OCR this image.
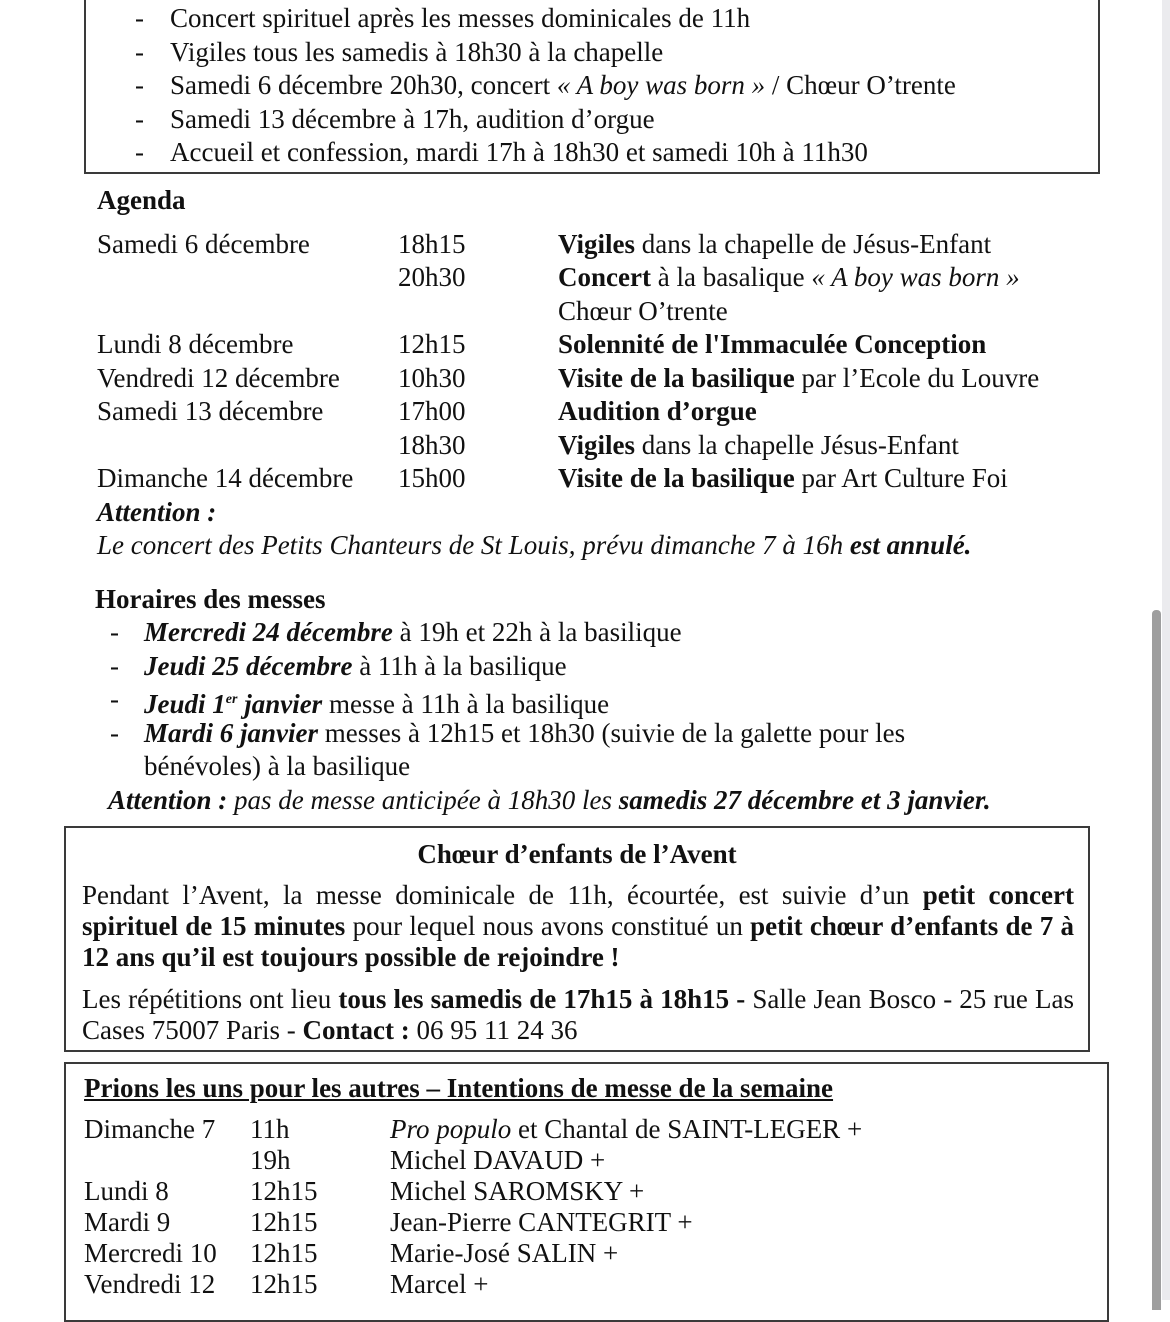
- Concert spirituel après les messes dominicales de 11h
- Vigiles tous les samedis à 18h30 à la chapelle
- Samedi 6 décembre 20h30, concert « A boy was born » / Chœur O’trente
- Samedi 13 décembre à 17h, audition d’orgue
- Accueil et confession, mardi 17h à 18h30 et samedi 10h à 11h30
Agenda
Samedi 6 décembre	18h15	Vigiles dans la chapelle de Jésus-Enfant
20h30	Concert à la basalique « A boy was born »
Chœur O’trente
Lundi 8 décembre	12h15	Solennité de l'Immaculée Conception
Vendredi 12 décembre 10h30	Visite de la basilique par l’Ecole du Louvre
Samedi 13 décembre	17h00	Audition d’orgue
18h30	Vigiles dans la chapelle Jésus-Enfant
Dimanche 14 décembre 15h00	Visite de la basilique par Art Culture Foi
Attention :
Le concert des Petits Chanteurs de St Louis, prévu dimanche 7 à 16h est annulé.
Horaires des messes
- Mercredi 24 décembre à 19h et 22h à la basilique
- Jeudi 25 décembre à 11h à la basilique
- Jeudi 1er janvier messe à 11h à la basilique
- Mardi 6 janvier messes à 12h15 et 18h30 (suivie de la galette pour les
bénévoles) à la basilique
Attention : pas de messe anticipée à 18h30 les samedis 27 décembre et 3 janvier.
Chœur d’enfants de l’Avent
Pendant l’Avent, la messe dominicale de 11h, écourtée, est suivie d’un petit concert spirituel de 15 minutes pour lequel nous avons constitué un petit chœur d’enfants de 7 à 12 ans qu’il est toujours possible de rejoindre !
Les répétitions ont lieu tous les samedis de 17h15 à 18h15 - Salle Jean Bosco - 25 rue Las Cases 75007 Paris - Contact : 06 95 11 24 36
Prions les uns pour les autres – Intentions de messe de la semaine
Dimanche 7 11h	Pro populo et Chantal de SAINT-LEGER +
19h	Michel DAVAUD +
Lundi 8	12h15	Michel SAROMSKY +
Mardi 9	12h15	Jean-Pierre CANTEGRIT +
Mercredi 10 12h15	Marie-José SALIN +
Vendredi 12 12h15	Marcel +
